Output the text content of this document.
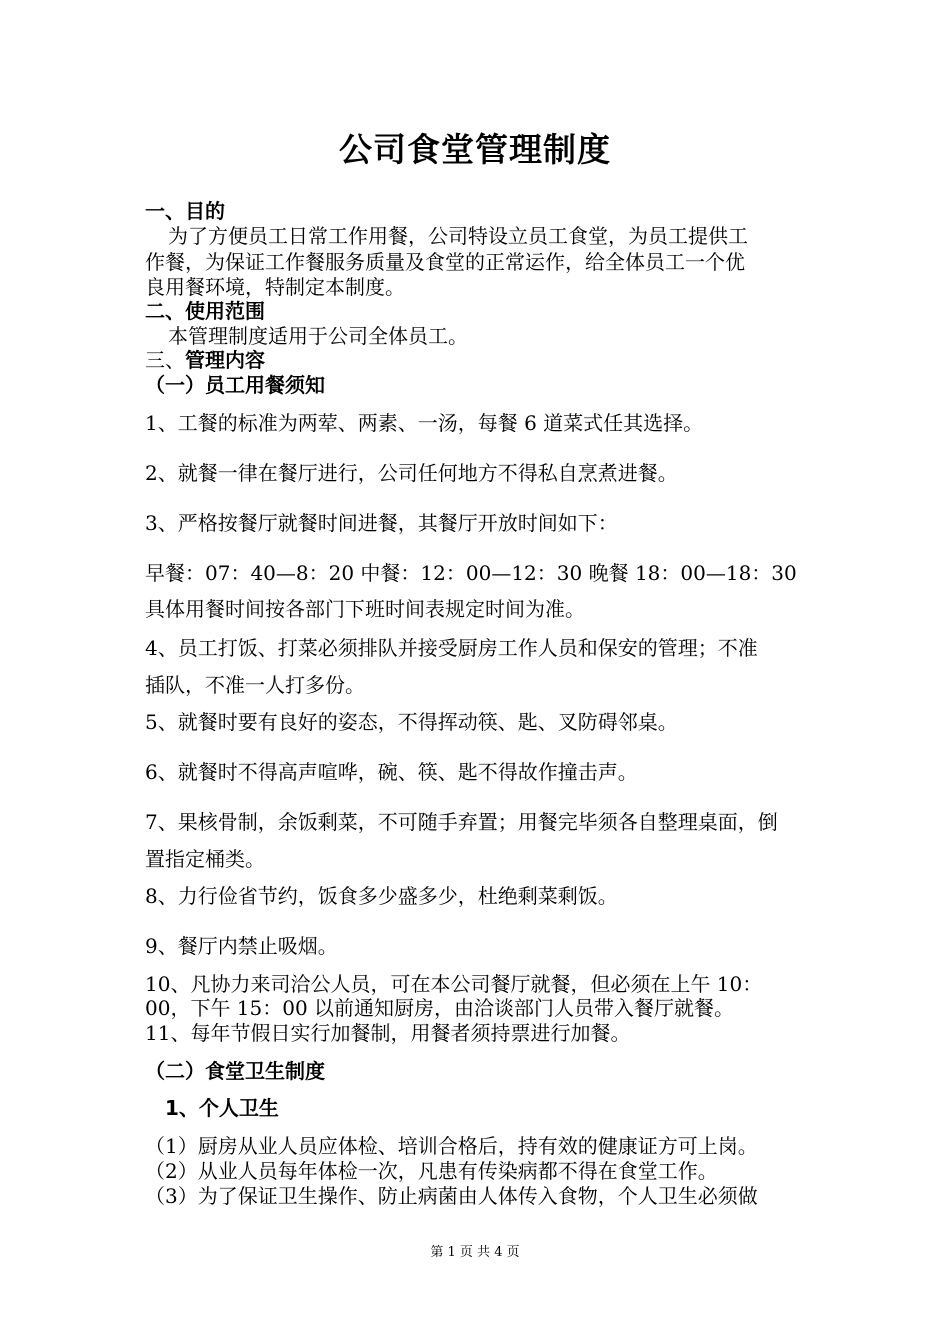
公司食堂管理制度
一、目的
为了方便员工日常工作用餐，公司特设立员工食堂，为员工提供工
作餐，为保证工作餐服务质量及食堂的正常运作，给全体员工一个优
良用餐环境，特制定本制度。
二、使用范围
本管理制度适用于公司全体员工。
三、管理内容
（一）员工用餐须知
1、工餐的标准为两荤、两素、一汤，每餐 6 道菜式任其选择。
2、就餐一律在餐厅进行，公司任何地方不得私自烹煮进餐。
3、严格按餐厅就餐时间进餐，其餐厅开放时间如下：
早餐：07：40—8：20 中餐：12：00—12：30 晚餐 18：00—18：30
具体用餐时间按各部门下班时间表规定时间为准。
4、员工打饭、打菜必须排队并接受厨房工作人员和保安的管理；不准
插队，不准一人打多份。
5、就餐时要有良好的姿态，不得挥动筷、匙、叉防碍邻桌。
6、就餐时不得高声喧哗，碗、筷、匙不得故作撞击声。
7、果核骨制，余饭剩菜，不可随手弃置；用餐完毕须各自整理桌面，倒
置指定桶类。
8、力行俭省节约，饭食多少盛多少，杜绝剩菜剩饭。
9、餐厅内禁止吸烟。
10、凡协力来司洽公人员，可在本公司餐厅就餐，但必须在上午 10：
00，下午 15：00 以前通知厨房，由洽谈部门人员带入餐厅就餐。
11、每年节假日实行加餐制，用餐者须持票进行加餐。
（二）食堂卫生制度
1、个人卫生
（1）厨房从业人员应体检、培训合格后，持有效的健康证方可上岗。
（2）从业人员每年体检一次，凡患有传染病都不得在食堂工作。
（3）为了保证卫生操作、防止病菌由人体传入食物，个人卫生必须做
第 1 页 共 4 页
